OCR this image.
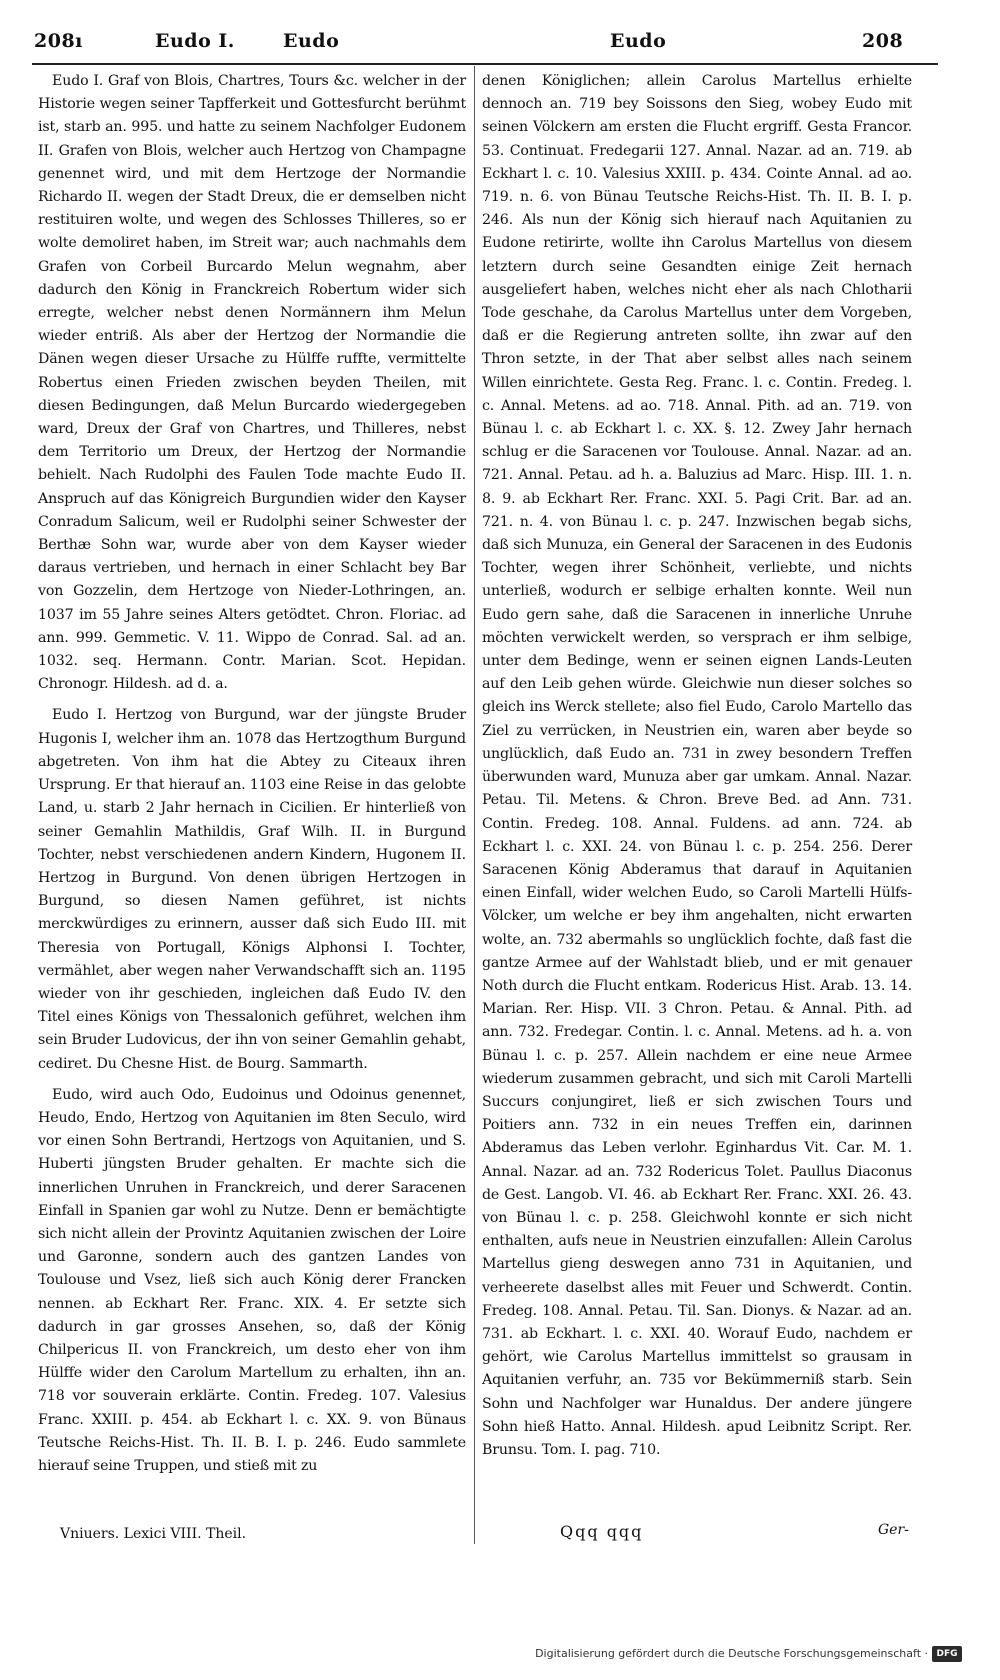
208ı	Eudo I.	Eudo	Eudo	208

Eudo I. Graf von Blois, Chartres, Tours &c. welcher in der Historie wegen seiner Tapfferkeit und Gottesfurcht berühmt ist, starb an. 995. und hatte zu seinem Nachfolger Eudonem II. Grafen von Blois, welcher auch Hertzog von Champagne genennet wird, und mit dem Hertzoge der Normandie Richardo II. wegen der Stadt Dreux, die er demselben nicht restituiren wolte, und wegen des Schlosses Thilleres, so er wolte demoliret haben, im Streit war; auch nachmahls dem Grafen von Corbeil Burcardo Melun wegnahm, aber dadurch den König in Franckreich Robertum wider sich erregte, welcher nebst denen Normännern ihm Melun wieder entriß. Als aber der Hertzog der Normandie die Dänen wegen dieser Ursache zu Hülffe ruffte, vermittelte Robertus einen Frieden zwischen beyden Theilen, mit diesen Bedingungen, daß Melun Burcardo wiedergegeben ward, Dreux der Graf von Chartres, und Thilleres, nebst dem Territorio um Dreux, der Hertzog der Normandie behielt. Nach Rudolphi des Faulen Tode machte Eudo II. Anspruch auf das Königreich Burgundien wider den Kayser Conradum Salicum, weil er Rudolphi seiner Schwester der Berthæ Sohn war, wurde aber von dem Kayser wieder daraus vertrieben, und hernach in einer Schlacht bey Bar von Gozzelin, dem Hertzoge von Nieder-Lothringen, an. 1037 im 55 Jahre seines Alters getödtet. Chron. Floriac. ad ann. 999. Gemmetic. V. 11. Wippo de Conrad. Sal. ad an. 1032. seq. Hermann. Contr. Marian. Scot. Hepidan. Chronogr. Hildesh. ad d. a.

Eudo I. Hertzog von Burgund, war der jüngste Bruder Hugonis I, welcher ihm an. 1078 das Hertzogthum Burgund abgetreten. Von ihm hat die Abtey zu Citeaux ihren Ursprung. Er that hierauf an. 1103 eine Reise in das gelobte Land, u. starb 2 Jahr hernach in Cicilien. Er hinterließ von seiner Gemahlin Mathildis, Graf Wilh. II. in Burgund Tochter, nebst verschiedenen andern Kindern, Hugonem II. Hertzog in Burgund. Von denen übrigen Hertzogen in Burgund, so diesen Namen geführet, ist nichts merckwürdiges zu erinnern, ausser daß sich Eudo III. mit Theresia von Portugall, Königs Alphonsi I. Tochter, vermählet, aber wegen naher Verwandschafft sich an. 1195 wieder von ihr geschieden, ingleichen daß Eudo IV. den Titel eines Königs von Thessalonich geführet, welchen ihm sein Bruder Ludovicus, der ihn von seiner Gemahlin gehabt, cediret. Du Chesne Hist. de Bourg. Sammarth.

Eudo, wird auch Odo, Eudoinus und Odoinus genennet, Heudo, Endo, Hertzog von Aquitanien im 8ten Seculo, wird vor einen Sohn Bertrandi, Hertzogs von Aquitanien, und S. Huberti jüngsten Bruder gehalten. Er machte sich die innerlichen Unruhen in Franckreich, und derer Saracenen Einfall in Spanien gar wohl zu Nutze. Denn er bemächtigte sich nicht allein der Provintz Aquitanien zwischen der Loire und Garonne, sondern auch des gantzen Landes von Toulouse und Vsez, ließ sich auch König derer Francken nennen. ab Eckhart Rer. Franc. XIX. 4. Er setzte sich dadurch in gar grosses Ansehen, so, daß der König Chilpericus II. von Franckreich, um desto eher von ihm Hülffe wider den Carolum Martellum zu erhalten, ihn an. 718 vor souverain erklärte. Contin. Fredeg. 107. Valesius Franc. XXIII. p. 454. ab Eckhart l. c. XX. 9. von Bünaus Teutsche Reichs-Hist. Th. II. B. I. p. 246. Eudo sammlete hierauf seine Truppen, und stieß mit zu

denen Königlichen; allein Carolus Martellus erhielte dennoch an. 719 bey Soissons den Sieg, wobey Eudo mit seinen Völckern am ersten die Flucht ergriff. Gesta Francor. 53. Continuat. Fredegarii 127. Annal. Nazar. ad an. 719. ab Eckhart l. c. 10. Valesius XXIII. p. 434. Cointe Annal. ad ao. 719. n. 6. von Bünau Teutsche Reichs-Hist. Th. II. B. I. p. 246. Als nun der König sich hierauf nach Aquitanien zu Eudone retirirte, wollte ihn Carolus Martellus von diesem letztern durch seine Gesandten einige Zeit hernach ausgeliefert haben, welches nicht eher als nach Chlotharii Tode geschahe, da Carolus Martellus unter dem Vorgeben, daß er die Regierung antreten sollte, ihn zwar auf den Thron setzte, in der That aber selbst alles nach seinem Willen einrichtete. Gesta Reg. Franc. l. c. Contin. Fredeg. l. c. Annal. Metens. ad ao. 718. Annal. Pith. ad an. 719. von Bünau l. c. ab Eckhart l. c. XX. §. 12. Zwey Jahr hernach schlug er die Saracenen vor Toulouse. Annal. Nazar. ad an. 721. Annal. Petau. ad h. a. Baluzius ad Marc. Hisp. III. 1. n. 8. 9. ab Eckhart Rer. Franc. XXI. 5. Pagi Crit. Bar. ad an. 721. n. 4. von Bünau l. c. p. 247. Inzwischen begab sichs, daß sich Munuza, ein General der Saracenen in des Eudonis Tochter, wegen ihrer Schönheit, verliebte, und nichts unterließ, wodurch er selbige erhalten konnte. Weil nun Eudo gern sahe, daß die Saracenen in innerliche Unruhe möchten verwickelt werden, so versprach er ihm selbige, unter dem Bedinge, wenn er seinen eignen Lands-Leuten auf den Leib gehen würde. Gleichwie nun dieser solches so gleich ins Werck stellete; also fiel Eudo, Carolo Martello das Ziel zu verrücken, in Neustrien ein, waren aber beyde so unglücklich, daß Eudo an. 731 in zwey besondern Treffen überwunden ward, Munuza aber gar umkam. Annal. Nazar. Petau. Til. Metens. & Chron. Breve Bed. ad Ann. 731. Contin. Fredeg. 108. Annal. Fuldens. ad ann. 724. ab Eckhart l. c. XXI. 24. von Bünau l. c. p. 254. 256. Derer Saracenen König Abderamus that darauf in Aquitanien einen Einfall, wider welchen Eudo, so Caroli Martelli Hülfs-Völcker, um welche er bey ihm angehalten, nicht erwarten wolte, an. 732 abermahls so unglücklich fochte, daß fast die gantze Armee auf der Wahlstadt blieb, und er mit genauer Noth durch die Flucht entkam. Rodericus Hist. Arab. 13. 14. Marian. Rer. Hisp. VII. 3 Chron. Petau. & Annal. Pith. ad ann. 732. Fredegar. Contin. l. c. Annal. Metens. ad h. a. von Bünau l. c. p. 257. Allein nachdem er eine neue Armee wiederum zusammen gebracht, und sich mit Caroli Martelli Succurs conjungiret, ließ er sich zwischen Tours und Poitiers ann. 732 in ein neues Treffen ein, darinnen Abderamus das Leben verlohr. Eginhardus Vit. Car. M. 1. Annal. Nazar. ad an. 732 Rodericus Tolet. Paullus Diaconus de Gest. Langob. VI. 46. ab Eckhart Rer. Franc. XXI. 26. 43. von Bünau l. c. p. 258. Gleichwohl konnte er sich nicht enthalten, aufs neue in Neustrien einzufallen: Allein Carolus Martellus gieng deswegen anno 731 in Aquitanien, und verheerete daselbst alles mit Feuer und Schwerdt. Contin. Fredeg. 108. Annal. Petau. Til. San. Dionys. & Nazar. ad an. 731. ab Eckhart. l. c. XXI. 40. Worauf Eudo, nachdem er gehört, wie Carolus Martellus immittelst so grausam in Aquitanien verfuhr, an. 735 vor Bekümmerniß starb. Sein Sohn und Nachfolger war Hunaldus. Der andere jüngere Sohn hieß Hatto. Annal. Hildesh. apud Leibnitz Script. Rer. Brunsu. Tom. I. pag. 710.

Vniuers. Lexici VIII. Theil.	Qqq qqq	Ger-
Digitalisierung gefördert durch die Deutsche Forschungsgemeinschaft · DFG
